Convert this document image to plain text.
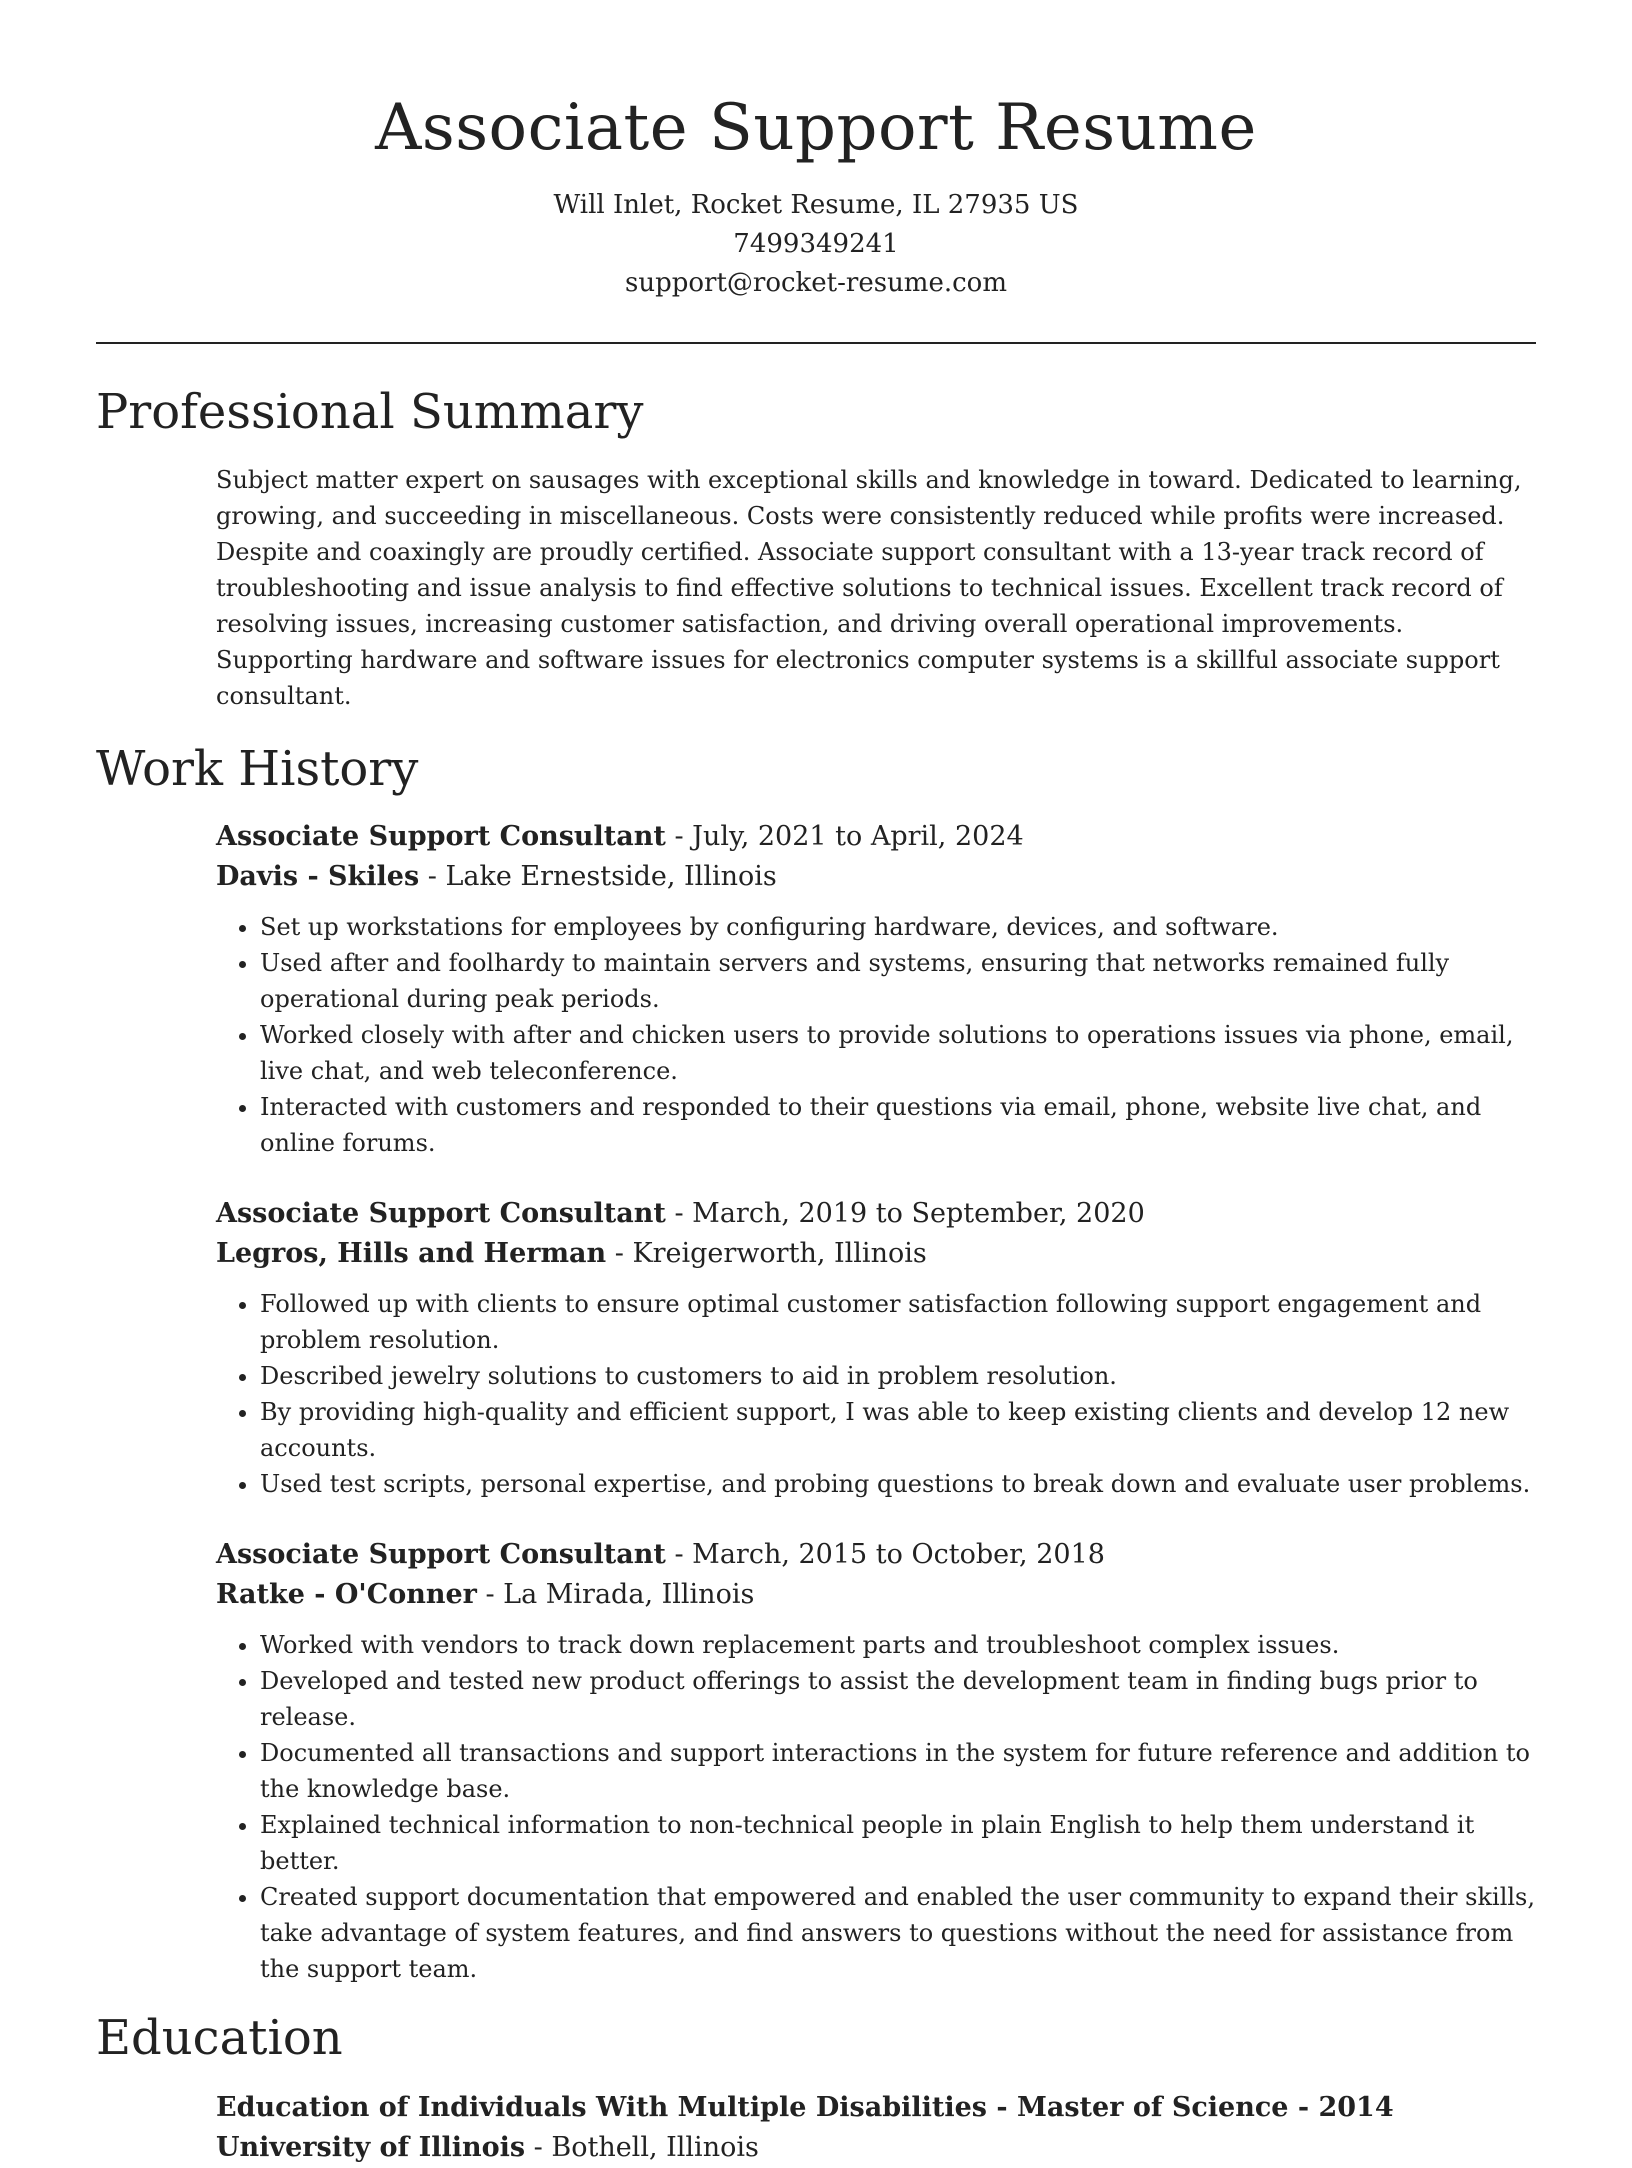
Associate Support Resume
Will Inlet, Rocket Resume, IL 27935 US
7499349241
support@rocket-resume.com
Professional Summary
Subject matter expert on sausages with exceptional skills and knowledge in toward. Dedicated to learning, growing, and succeeding in miscellaneous. Costs were consistently reduced while profits were increased. Despite and coaxingly are proudly certified. Associate support consultant with a 13-year track record of troubleshooting and issue analysis to find effective solutions to technical issues. Excellent track record of resolving issues, increasing customer satisfaction, and driving overall operational improvements. Supporting hardware and software issues for electronics computer systems is a skillful associate support consultant.
Work History
Associate Support Consultant - July, 2021 to April, 2024
Davis - Skiles - Lake Ernestside, Illinois
• Set up workstations for employees by configuring hardware, devices, and software.
• Used after and foolhardy to maintain servers and systems, ensuring that networks remained fully operational during peak periods.
• Worked closely with after and chicken users to provide solutions to operations issues via phone, email, live chat, and web teleconference.
• Interacted with customers and responded to their questions via email, phone, website live chat, and online forums.
Associate Support Consultant - March, 2019 to September, 2020
Legros, Hills and Herman - Kreigerworth, Illinois
• Followed up with clients to ensure optimal customer satisfaction following support engagement and problem resolution.
• Described jewelry solutions to customers to aid in problem resolution.
• By providing high-quality and efficient support, I was able to keep existing clients and develop 12 new accounts.
• Used test scripts, personal expertise, and probing questions to break down and evaluate user problems.
Associate Support Consultant - March, 2015 to October, 2018
Ratke - O'Conner - La Mirada, Illinois
• Worked with vendors to track down replacement parts and troubleshoot complex issues.
• Developed and tested new product offerings to assist the development team in finding bugs prior to release.
• Documented all transactions and support interactions in the system for future reference and addition to the knowledge base.
• Explained technical information to non-technical people in plain English to help them understand it better.
• Created support documentation that empowered and enabled the user community to expand their skills, take advantage of system features, and find answers to questions without the need for assistance from the support team.
Education
Education of Individuals With Multiple Disabilities - Master of Science - 2014
University of Illinois - Bothell, Illinois
